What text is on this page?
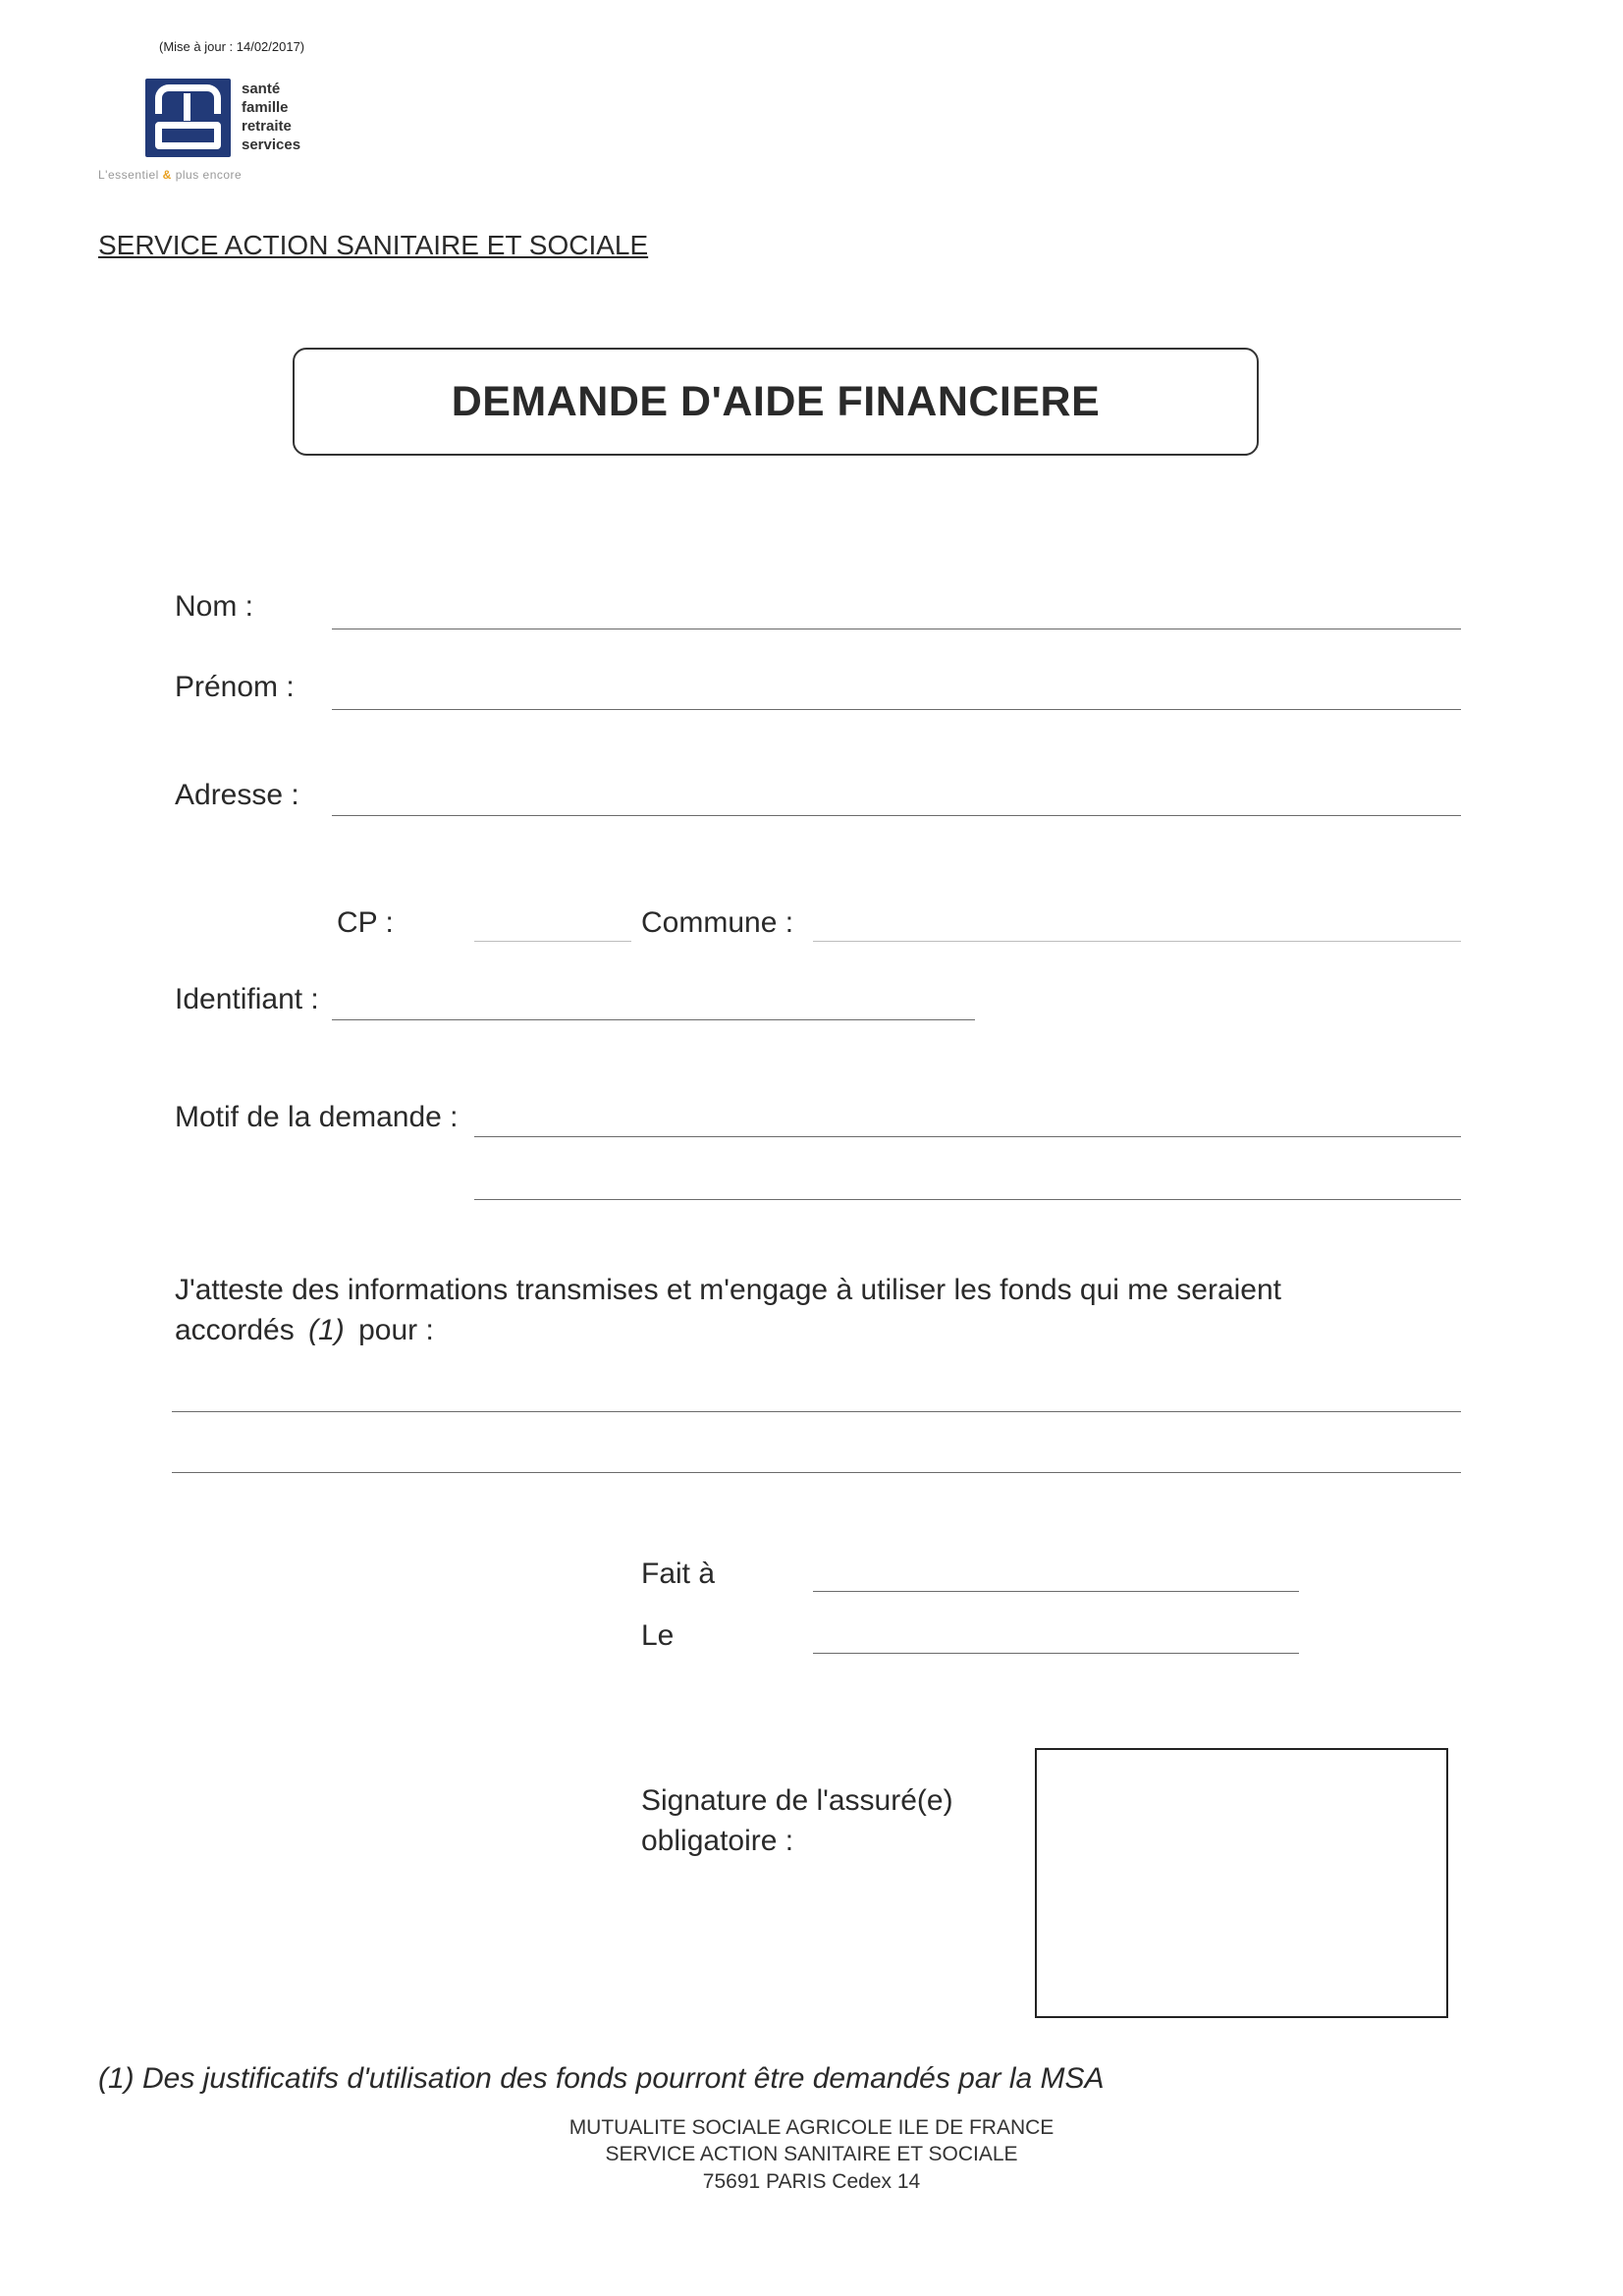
(Mise à jour : 14/02/2017)
santé
famille
retraite
services
L'essentiel & plus encore
SERVICE ACTION SANITAIRE ET SOCIALE
DEMANDE D'AIDE FINANCIERE
Nom :
Prénom :
Adresse :
CP :	Commune :
Identifiant :
Motif de la demande :
J'atteste des informations transmises et m'engage à utiliser les fonds qui me seraient
accordés (1) pour :
Fait à
Le
Signature de l'assuré(e)
obligatoire :
(1) Des justificatifs d'utilisation des fonds pourront être demandés par la MSA
MUTUALITE SOCIALE AGRICOLE ILE DE FRANCE
SERVICE ACTION SANITAIRE ET SOCIALE
75691 PARIS Cedex 14
